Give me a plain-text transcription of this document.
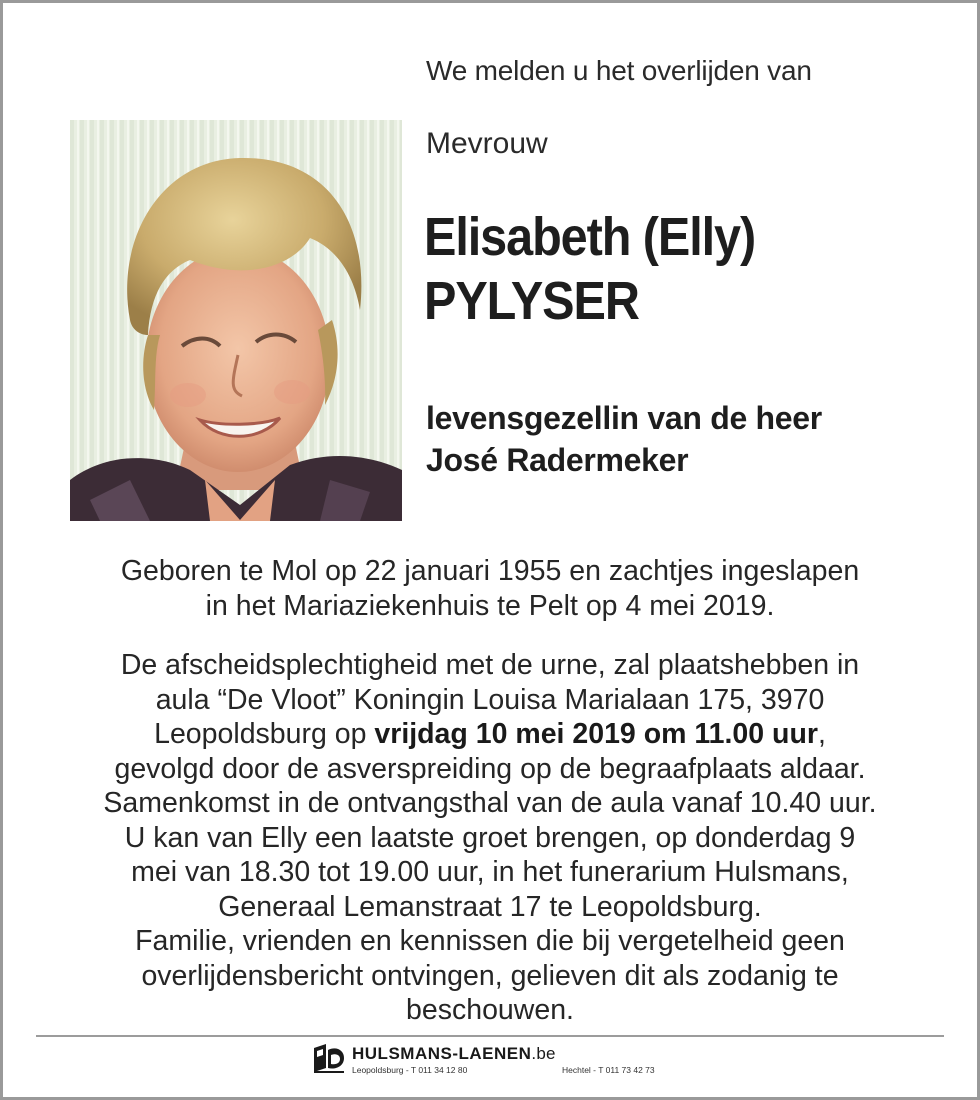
We melden u het overlijden van
Mevrouw
Elisabeth (Elly)
PYLYSER
levensgezellin van de heer
José Radermeker
Geboren te Mol op 22 januari 1955 en zachtjes ingeslapen
in het Mariaziekenhuis te Pelt op 4 mei 2019.
De afscheidsplechtigheid met de urne, zal plaatshebben in
aula “De Vloot” Koningin Louisa Marialaan 175, 3970
Leopoldsburg op vrijdag 10 mei 2019 om 11.00 uur,
gevolgd door de asverspreiding op de begraafplaats aldaar.
Samenkomst in de ontvangsthal van de aula vanaf 10.40 uur.
U kan van Elly een laatste groet brengen, op donderdag 9
mei van 18.30 tot 19.00 uur, in het funerarium Hulsmans,
Generaal Lemanstraat 17 te Leopoldsburg.
Familie, vrienden en kennissen die bij vergetelheid geen
overlijdensbericht ontvingen, gelieven dit als zodanig te
beschouwen.
HULSMANS-LAENEN.be
Leopoldsburg - T 011 34 12 80	Hechtel - T 011 73 42 73
